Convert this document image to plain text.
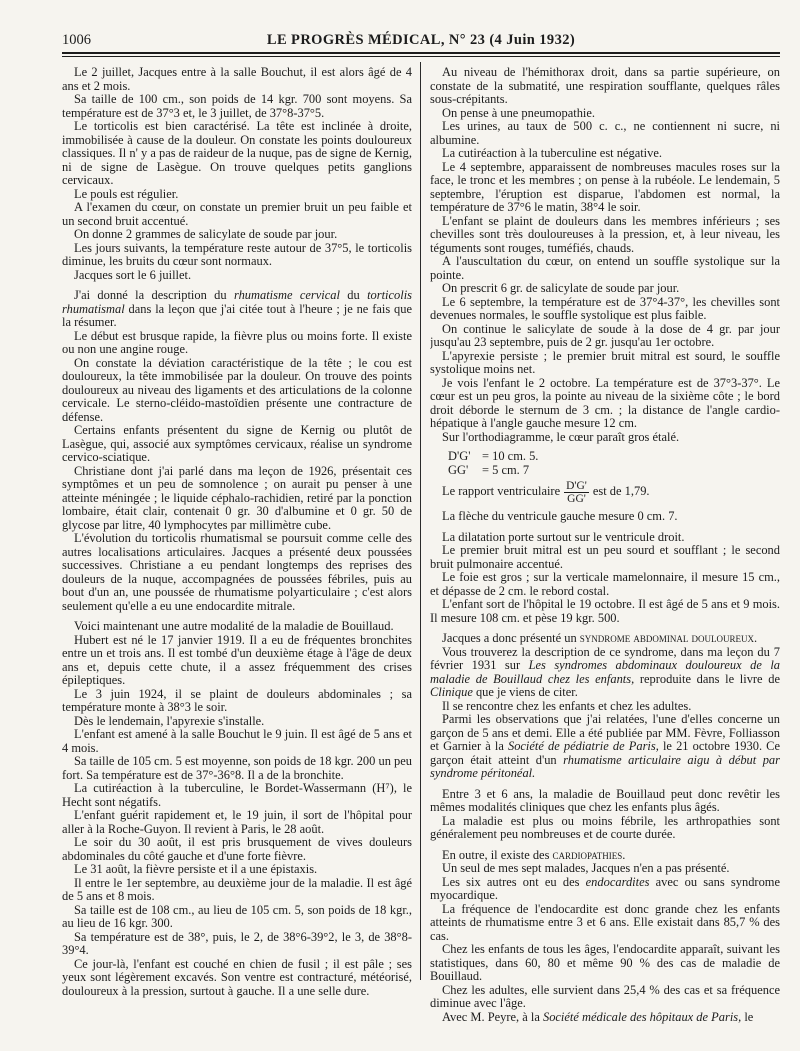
1006	LE PROGRÈS MÉDICAL, N° 23 (4 Juin 1932)

Le 2 juillet, Jacques entre à la salle Bouchut, il est alors âgé de 4 ans et 2 mois.

Sa taille de 100 cm., son poids de 14 kgr. 700 sont moyens. Sa température est de 37°3 et, le 3 juillet, de 37°8-37°5.

Le torticolis est bien caractérisé. La tête est inclinée à droite, immobilisée à cause de la douleur. On constate les points douloureux classiques. Il n' y a pas de raideur de la nuque, pas de signe de Kernig, ni de signe de Lasègue. On trouve quelques petits ganglions cervicaux.

Le pouls est régulier.

A l'examen du cœur, on constate un premier bruit un peu faible et un second bruit accentué.

On donne 2 grammes de salicylate de soude par jour.

Les jours suivants, la température reste autour de 37°5, le torticolis diminue, les bruits du cœur sont normaux.

Jacques sort le 6 juillet.

J'ai donné la description du rhumatisme cervical du torticolis rhumatismal dans la leçon que j'ai citée tout à l'heure ; je ne fais que la résumer.

Le début est brusque rapide, la fièvre plus ou moins forte. Il existe ou non une angine rouge.

On constate la déviation caractéristique de la tête ; le cou est douloureux, la tête immobilisée par la douleur. On trouve des points douloureux au niveau des ligaments et des articulations de la colonne cervicale. Le sterno-cléido-mastoïdien présente une contracture de défense.

Certains enfants présentent du signe de Kernig ou plutôt de Lasègue, qui, associé aux symptômes cervicaux, réalise un syndrome cervico-sciatique.

Christiane dont j'ai parlé dans ma leçon de 1926, présentait ces symptômes et un peu de somnolence ; on aurait pu penser à une atteinte méningée ; le liquide céphalo-rachidien, retiré par la ponction lombaire, était clair, contenait 0 gr. 30 d'albumine et 0 gr. 50 de glycose par litre, 40 lymphocytes par millimètre cube.

L'évolution du torticolis rhumatismal se poursuit comme celle des autres localisations articulaires. Jacques a présenté deux poussées successives. Christiane a eu pendant longtemps des reprises des douleurs de la nuque, accompagnées de poussées fébriles, puis au bout d'un an, une poussée de rhumatisme polyarticulaire ; c'est alors seulement qu'elle a eu une endocardite mitrale.

Voici maintenant une autre modalité de la maladie de Bouillaud.

Hubert est né le 17 janvier 1919. Il a eu de fréquentes bronchites entre un et trois ans. Il est tombé d'un deuxième étage à l'âge de deux ans et, depuis cette chute, il a assez fréquemment des crises épileptiques.

Le 3 juin 1924, il se plaint de douleurs abdominales ; sa température monte à 38°3 le soir.

Dès le lendemain, l'apyrexie s'installe.

L'enfant est amené à la salle Bouchut le 9 juin. Il est âgé de 5 ans et 4 mois.

Sa taille de 105 cm. 5 est moyenne, son poids de 18 kgr. 200 un peu fort. Sa température est de 37°-36°8. Il a de la bronchite.

La cutiréaction à la tuberculine, le Bordet-Wassermann (H⁷), le Hecht sont négatifs.

L'enfant guérit rapidement et, le 19 juin, il sort de l'hôpital pour aller à la Roche-Guyon. Il revient à Paris, le 28 août.

Le soir du 30 août, il est pris brusquement de vives douleurs abdominales du côté gauche et d'une forte fièvre.

Le 31 août, la fièvre persiste et il a une épistaxis.

Il entre le 1er septembre, au deuxième jour de la maladie. Il est âgé de 5 ans et 8 mois.

Sa taille est de 108 cm., au lieu de 105 cm. 5, son poids de 18 kgr., au lieu de 16 kgr. 300.

Sa température est de 38°, puis, le 2, de 38°6-39°2, le 3, de 38°8-39°4.

Ce jour-là, l'enfant est couché en chien de fusil ; il est pâle ; ses yeux sont légèrement excavés. Son ventre est contracturé, météorisé, douloureux à la pression, surtout à gauche. Il a une selle dure.

Au niveau de l'hémithorax droit, dans sa partie supérieure, on constate de la submatité, une respiration soufflante, quelques râles sous-crépitants.

On pense à une pneumopathie.

Les urines, au taux de 500 c. c., ne contiennent ni sucre, ni albumine.

La cutiréaction à la tuberculine est négative.

Le 4 septembre, apparaissent de nombreuses macules roses sur la face, le tronc et les membres ; on pense à la rubéole. Le lendemain, 5 septembre, l'éruption est disparue, l'abdomen est normal, la température de 37°6 le matin, 38°4 le soir.

L'enfant se plaint de douleurs dans les membres inférieurs ; ses chevilles sont très douloureuses à la pression, et, à leur niveau, les téguments sont rouges, tuméfiés, chauds.

A l'auscultation du cœur, on entend un souffle systolique sur la pointe.

On prescrit 6 gr. de salicylate de soude par jour.

Le 6 septembre, la température est de 37°4-37°, les chevilles sont devenues normales, le souffle systolique est plus faible.

On continue le salicylate de soude à la dose de 4 gr. par jour jusqu'au 23 septembre, puis de 2 gr. jusqu'au 1er octobre.

L'apyrexie persiste ; le premier bruit mitral est sourd, le souffle systolique moins net.

Je vois l'enfant le 2 octobre. La température est de 37°3-37°. Le cœur est un peu gros, la pointe au niveau de la sixième côte ; le bord droit déborde le sternum de 3 cm. ; la distance de l'angle cardio-hépatique à l'angle gauche mesure 12 cm.

Sur l'orthodiagramme, le cœur paraît gros étalé.

D'G' = 10 cm. 5.
GG'	= 5 cm. 7
Le rapport ventriculaire $\frac{D'G'}{GG'}$ est de 1,79.

La flèche du ventricule gauche mesure 0 cm. 7.

La dilatation porte surtout sur le ventricule droit.

Le premier bruit mitral est un peu sourd et soufflant ; le second bruit pulmonaire accentué.

Le foie est gros ; sur la verticale mamelonnaire, il mesure 15 cm., et dépasse de 2 cm. le rebord costal.

L'enfant sort de l'hôpital le 19 octobre. Il est âgé de 5 ans et 9 mois. Il mesure 108 cm. et pèse 19 kgr. 500.

Jacques a donc présenté un syndrome abdominal douloureux.

Vous trouverez la description de ce syndrome, dans ma leçon du 7 février 1931 sur Les syndromes abdominaux douloureux de la maladie de Bouillaud chez les enfants, reproduite dans le livre de Clinique que je viens de citer.

Il se rencontre chez les enfants et chez les adultes.

Parmi les observations que j'ai relatées, l'une d'elles concerne un garçon de 5 ans et demi. Elle a été publiée par MM. Fèvre, Folliasson et Garnier à la Société de pédiatrie de Paris, le 21 octobre 1930. Ce garçon était atteint d'un rhumatisme articulaire aigu à début par syndrome péritonéal.

Entre 3 et 6 ans, la maladie de Bouillaud peut donc revêtir les mêmes modalités cliniques que chez les enfants plus âgés.

La maladie est plus ou moins fébrile, les arthropathies sont généralement peu nombreuses et de courte durée.

En outre, il existe des cardiopathies.

Un seul de mes sept malades, Jacques n'en a pas présenté.

Les six autres ont eu des endocardites avec ou sans syndrome myocardique.

La fréquence de l'endocardite est donc grande chez les enfants atteints de rhumatisme entre 3 et 6 ans. Elle existait dans 85,7 % des cas.

Chez les enfants de tous les âges, l'endocardite apparaît, suivant les statistiques, dans 60, 80 et même 90 % des cas de maladie de Bouillaud.

Chez les adultes, elle survient dans 25,4 % des cas et sa fréquence diminue avec l'âge.

Avec M. Peyre, à la Société médicale des hôpitaux de Paris, le
